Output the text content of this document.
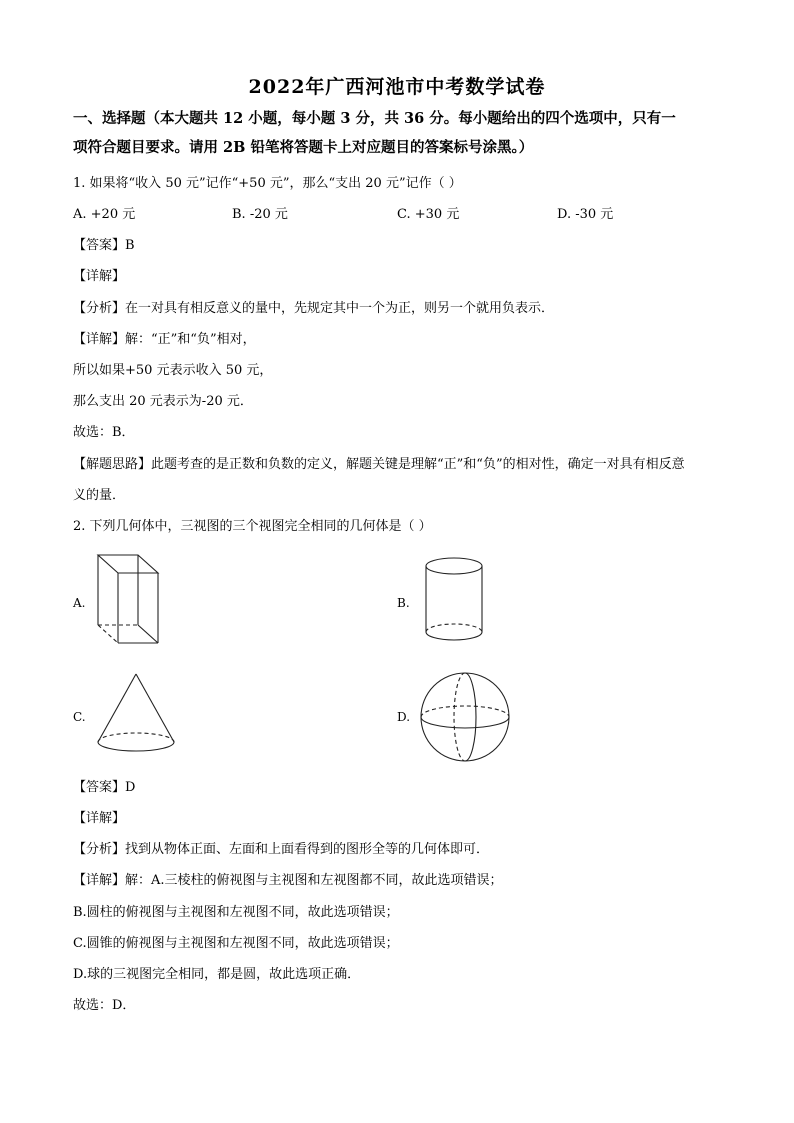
2022年广西河池市中考数学试卷
一、选择题（本大题共 12 小题，每小题 3 分，共 36 分。每小题给出的四个选项中，只有一
项符合题目要求。请用 2B 铅笔将答题卡上对应题目的答案标号涂黑。）
1. 如果将“收入 50 元”记作“+50 元”，那么“支出 20 元”记作（ ）
A. +20 元	B. ‐20 元	C. +30 元	D. ‐30 元
【答案】B
【详解】
【分析】在一对具有相反意义的量中，先规定其中一个为正，则另一个就用负表示．
【详解】解：“正”和“负”相对，
所以如果+50 元表示收入 50 元，
那么支出 20 元表示为‐20 元．
故选：B．
【解题思路】此题考查的是正数和负数的定义，解题关键是理解“正”和“负”的相对性，确定一对具有相反意
义的量．
2. 下列几何体中，三视图的三个视图完全相同的几何体是（ ）
A.	B.
C.	D.
【答案】D
【详解】
【分析】找到从物体正面、左面和上面看得到的图形全等的几何体即可．
【详解】解：A.三棱柱的俯视图与主视图和左视图都不同，故此选项错误；
B.圆柱的俯视图与主视图和左视图不同，故此选项错误；
C.圆锥的俯视图与主视图和左视图不同，故此选项错误；
D.球的三视图完全相同，都是圆，故此选项正确．
故选：D．
